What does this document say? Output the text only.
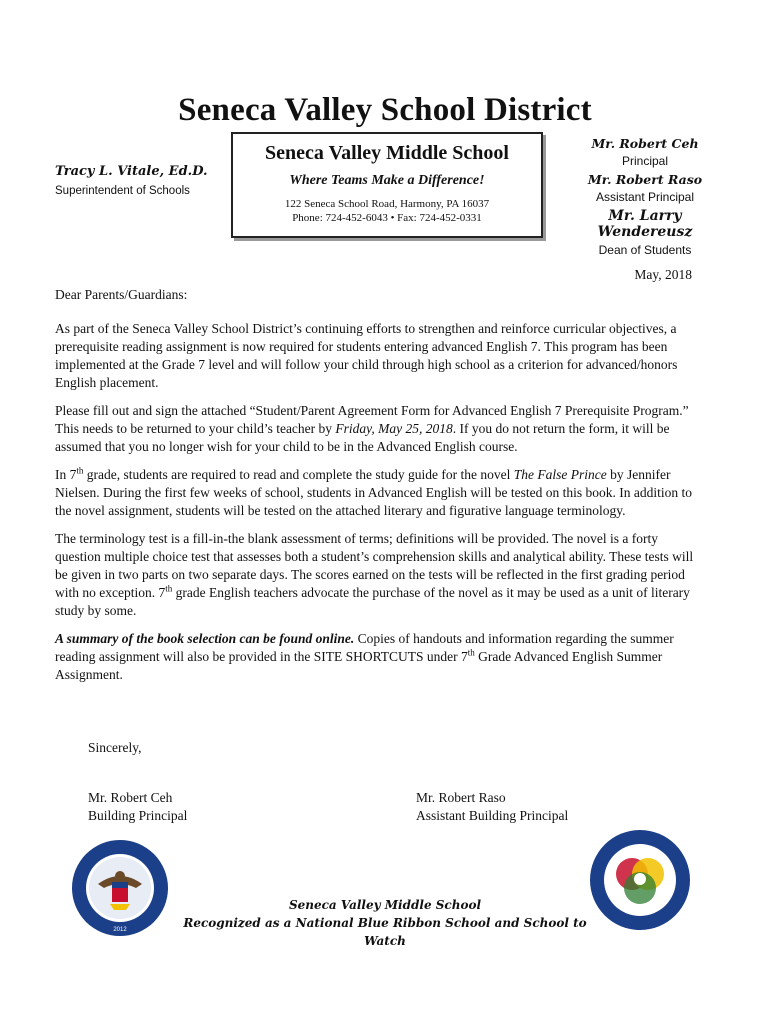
Seneca Valley School District
Tracy L. Vitale, Ed.D.
Superintendent of Schools
Seneca Valley Middle School
Where Teams Make a Difference!
122 Seneca School Road, Harmony, PA 16037
Phone: 724-452-6043 • Fax: 724-452-0331
Mr. Robert Ceh
Principal
Mr. Robert Raso
Assistant Principal
Mr. Larry Wendereusz
Dean of Students
May, 2018
Dear Parents/Guardians:

As part of the Seneca Valley School District’s continuing efforts to strengthen and reinforce curricular objectives, a prerequisite reading assignment is now required for students entering advanced English 7. This program has been implemented at the Grade 7 level and will follow your child through high school as a criterion for advanced/honors English placement.

Please fill out and sign the attached “Student/Parent Agreement Form for Advanced English 7 Prerequisite Program.” This needs to be returned to your child’s teacher by Friday, May 25, 2018. If you do not return the form, it will be assumed that you no longer wish for your child to be in the Advanced English course.

In 7th grade, students are required to read and complete the study guide for the novel The False Prince by Jennifer Nielsen. During the first few weeks of school, students in Advanced English will be tested on this book. In addition to the novel assignment, students will be tested on the attached literary and figurative language terminology.

The terminology test is a fill-in-the blank assessment of terms; definitions will be provided. The novel is a forty question multiple choice test that assesses both a student’s comprehension skills and analytical ability. These tests will be given in two parts on two separate days. The scores earned on the tests will be reflected in the first grading period with no exception. 7th grade English teachers advocate the purchase of the novel as it may be used as a unit of literary study by some.

A summary of the book selection can be found online. Copies of handouts and information regarding the summer reading assignment will also be provided in the SITE SHORTCUTS under 7th Grade Advanced English Summer Assignment.

Sincerely,
Mr. Robert Ceh
Building Principal
Mr. Robert Raso
Assistant Building Principal
2012
Seneca Valley Middle School
Recognized as a National Blue Ribbon School and School to Watch
